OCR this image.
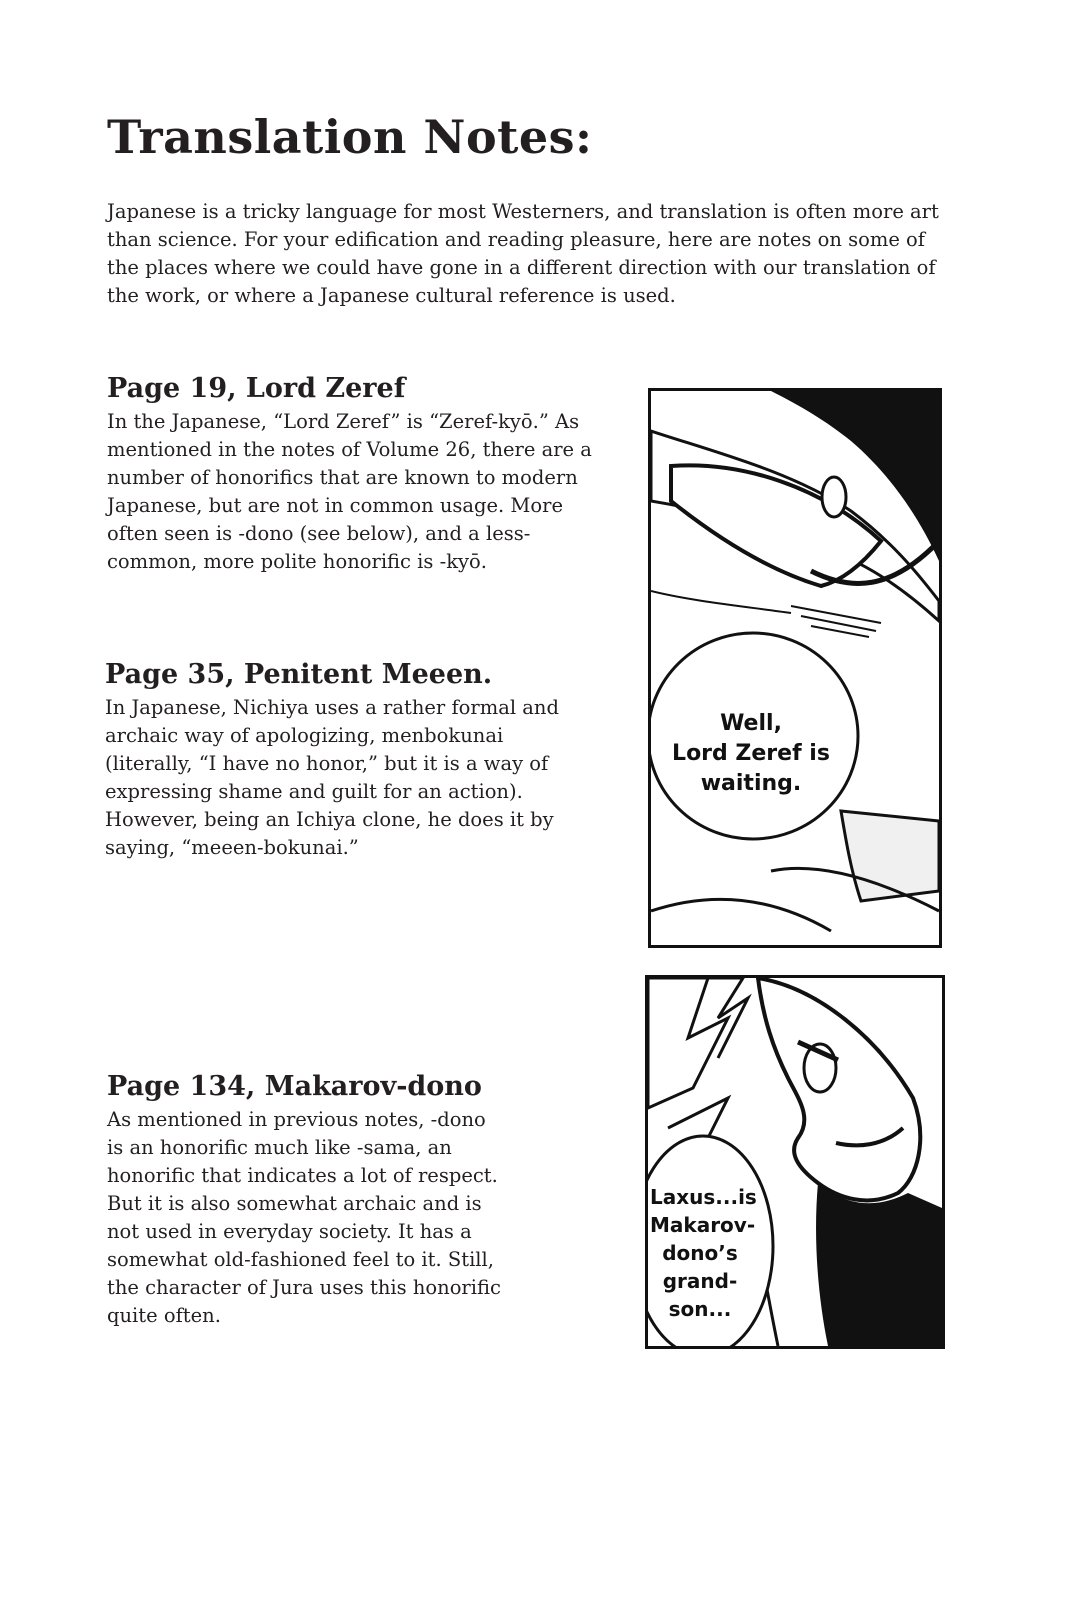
Translation Notes:

Japanese is a tricky language for most Westerners, and translation is often more art than science. For your edification and reading pleasure, here are notes on some of the places where we could have gone in a different direction with our translation of the work, or where a Japanese cultural reference is used.

Page 19, Lord Zeref

In the Japanese, “Lord Zeref” is “Zeref-kyō.” As mentioned in the notes of Volume 26, there are a number of honorifics that are known to modern Japanese, but are not in common usage. More often seen is -dono (see below), and a less-common, more polite honorific is -kyō.

Page 35, Penitent Meeen.

In Japanese, Nichiya uses a rather formal and archaic way of apologizing, menbokunai (literally, “I have no honor,” but it is a way of expressing shame and guilt for an action). However, being an Ichiya clone, he does it by saying, “meeen-bokunai.”

Page 134, Makarov-dono

As mentioned in previous notes, -dono is an honorific much like -sama, an honorific that indicates a lot of respect. But it is also somewhat archaic and is not used in everyday society. It has a somewhat old-fashioned feel to it. Still, the character of Jura uses this honorific quite often.

Well,
Lord Zeref is
waiting.
Laxus...is
Makarov-
dono’s
grand-
son...
